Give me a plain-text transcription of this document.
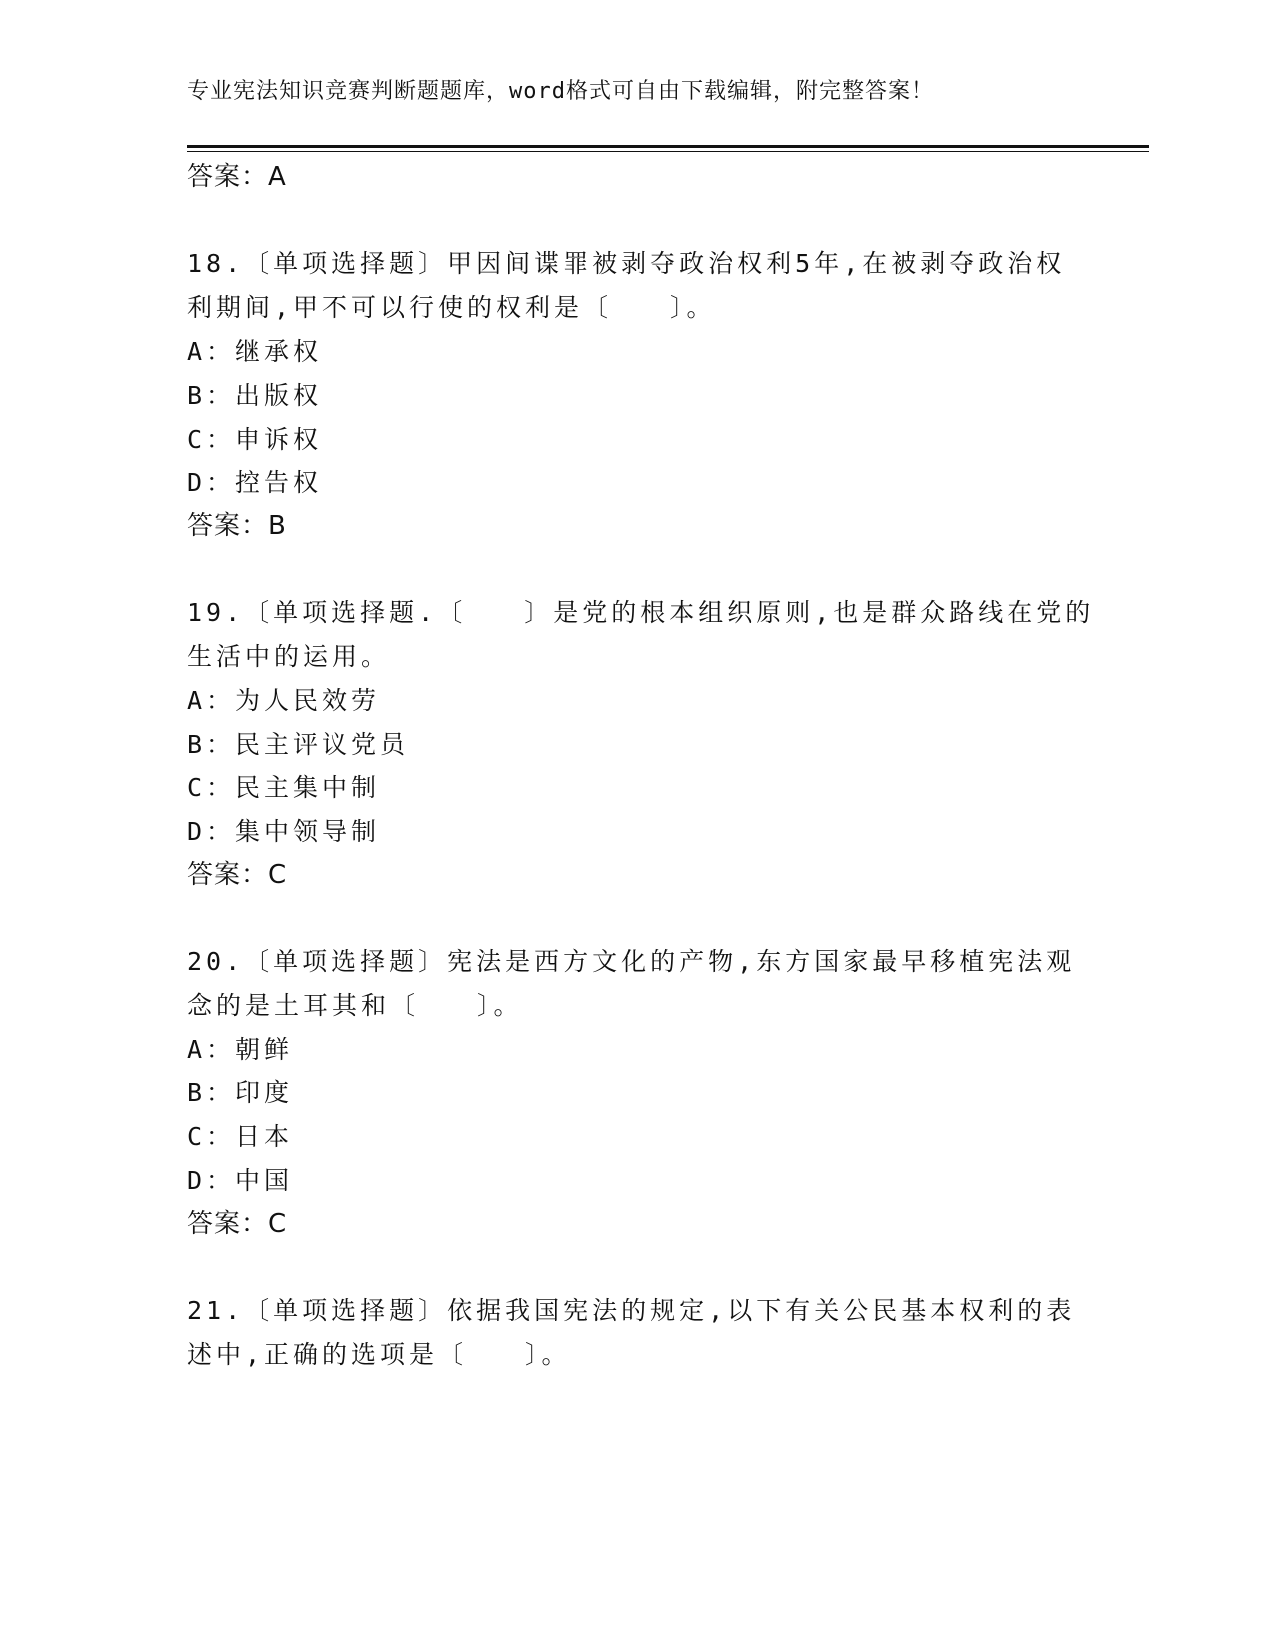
专业宪法知识竞赛判断题题库，word格式可自由下载编辑，附完整答案！
答案：A
18.〔单项选择题〕甲因间谍罪被剥夺政治权利5年,在被剥夺政治权
利期间,甲不可以行使的权利是〔　　〕。
A：继承权
B：出版权
C：申诉权
D：控告权
答案：B
19.〔单项选择题.〔　　〕是党的根本组织原则,也是群众路线在党的
生活中的运用。
A：为人民效劳
B：民主评议党员
C：民主集中制
D：集中领导制
答案：C
20.〔单项选择题〕宪法是西方文化的产物,东方国家最早移植宪法观
念的是土耳其和〔　　〕。
A：朝鲜
B：印度
C：日本
D：中国
答案：C
21.〔单项选择题〕依据我国宪法的规定,以下有关公民基本权利的表
述中,正确的选项是〔　　〕。
